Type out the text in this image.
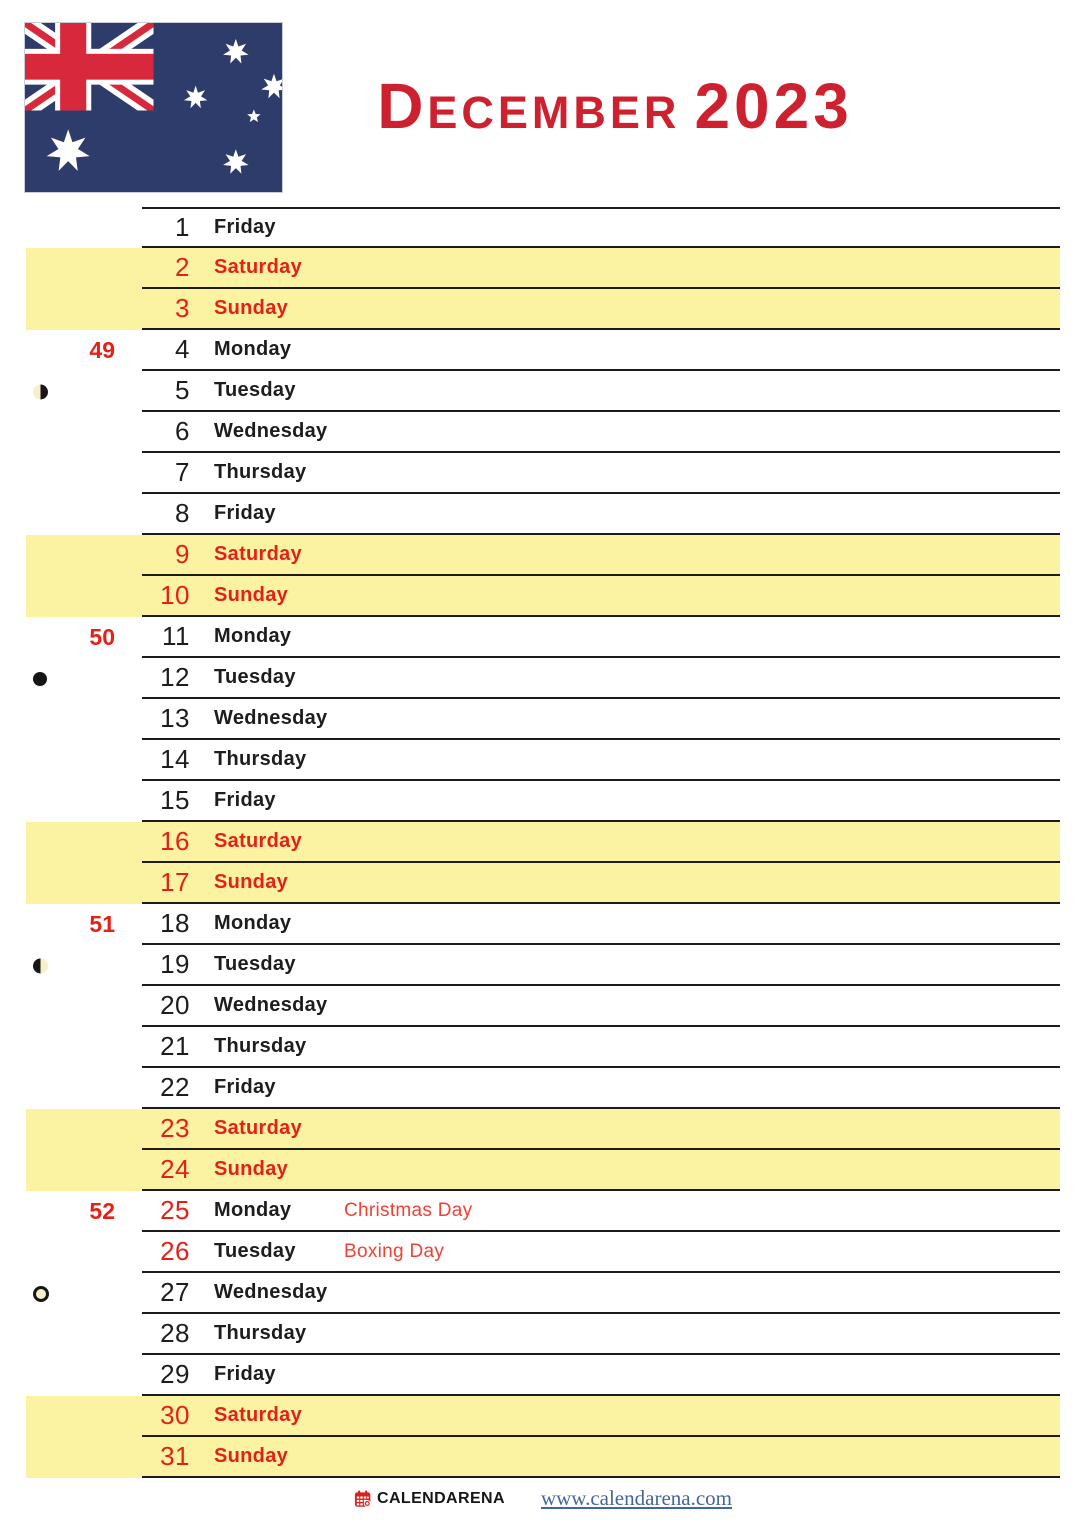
December 2023
1 Friday
2 Saturday
3 Sunday
49	4 Monday
5 Tuesday
6 Wednesday
7 Thursday
8 Friday
9 Saturday
10 Sunday
50	11 Monday
12 Tuesday
13 Wednesday
14 Thursday
15 Friday
16 Saturday
17 Sunday
51	18 Monday
19 Tuesday
20 Wednesday
21 Thursday
22 Friday
23 Saturday
24 Sunday
52	25 Monday	Christmas Day
26 Tuesday	Boxing Day
27 Wednesday
28 Thursday
29 Friday
30 Saturday
31 Sunday
CALENDARENA www.calendarena.com
